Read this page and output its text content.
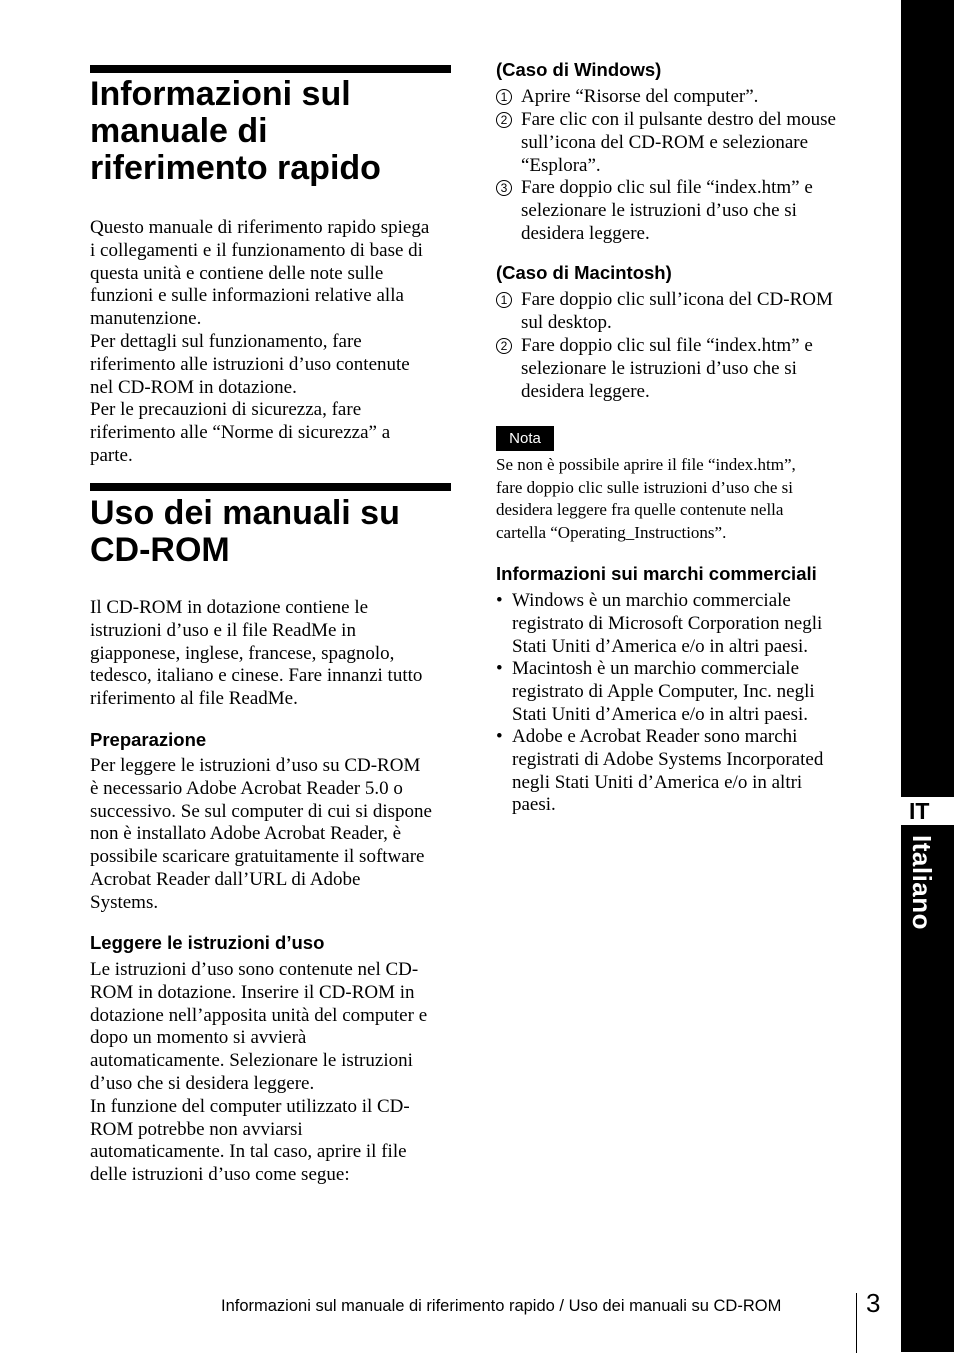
Informazioni sul
manuale di
riferimento rapido
Questo manuale di riferimento rapido spiega
i collegamenti e il funzionamento di base di
questa unità e contiene delle note sulle
funzioni e sulle informazioni relative alla
manutenzione.
Per dettagli sul funzionamento, fare
riferimento alle istruzioni d’uso contenute
nel CD-ROM in dotazione.
Per le precauzioni di sicurezza, fare
riferimento alle “Norme di sicurezza” a
parte.
Uso dei manuali su
CD-ROM
Il CD-ROM in dotazione contiene le
istruzioni d’uso e il file ReadMe in
giapponese, inglese, francese, spagnolo,
tedesco, italiano e cinese. Fare innanzi tutto
riferimento al file ReadMe.
Preparazione
Per leggere le istruzioni d’uso su CD-ROM
è necessario Adobe Acrobat Reader 5.0 o
successivo. Se sul computer di cui si dispone
non è installato Adobe Acrobat Reader, è
possibile scaricare gratuitamente il software
Acrobat Reader dall’URL di Adobe
Systems.
Leggere le istruzioni d’uso
Le istruzioni d’uso sono contenute nel CD-
ROM in dotazione. Inserire il CD-ROM in
dotazione nell’apposita unità del computer e
dopo un momento si avvierà
automaticamente. Selezionare le istruzioni
d’uso che si desidera leggere.
In funzione del computer utilizzato il CD-
ROM potrebbe non avviarsi
automaticamente. In tal caso, aprire il file
delle istruzioni d’uso come segue:
(Caso di Windows)
1 Aprire “Risorse del computer”.
2 Fare clic con il pulsante destro del mouse
sull’icona del CD-ROM e selezionare
“Esplora”.
3 Fare doppio clic sul file “index.htm” e
selezionare le istruzioni d’uso che si
desidera leggere.
(Caso di Macintosh)
1 Fare doppio clic sull’icona del CD-ROM
sul desktop.
2 Fare doppio clic sul file “index.htm” e
selezionare le istruzioni d’uso che si
desidera leggere.
Nota
Se non è possibile aprire il file “index.htm”,
fare doppio clic sulle istruzioni d’uso che si
desidera leggere fra quelle contenute nella
cartella “Operating_Instructions”.
Informazioni sui marchi commerciali
• Windows è un marchio commerciale
registrato di Microsoft Corporation negli
Stati Uniti d’America e/o in altri paesi.
• Macintosh è un marchio commerciale
registrato di Apple Computer, Inc. negli
Stati Uniti d’America e/o in altri paesi.
• Adobe e Acrobat Reader sono marchi
registrati di Adobe Systems Incorporated
negli Stati Uniti d’America e/o in altri
paesi.	IT
Italiano
Informazioni sul manuale di riferimento rapido / Uso dei manuali su CD-ROM	3
